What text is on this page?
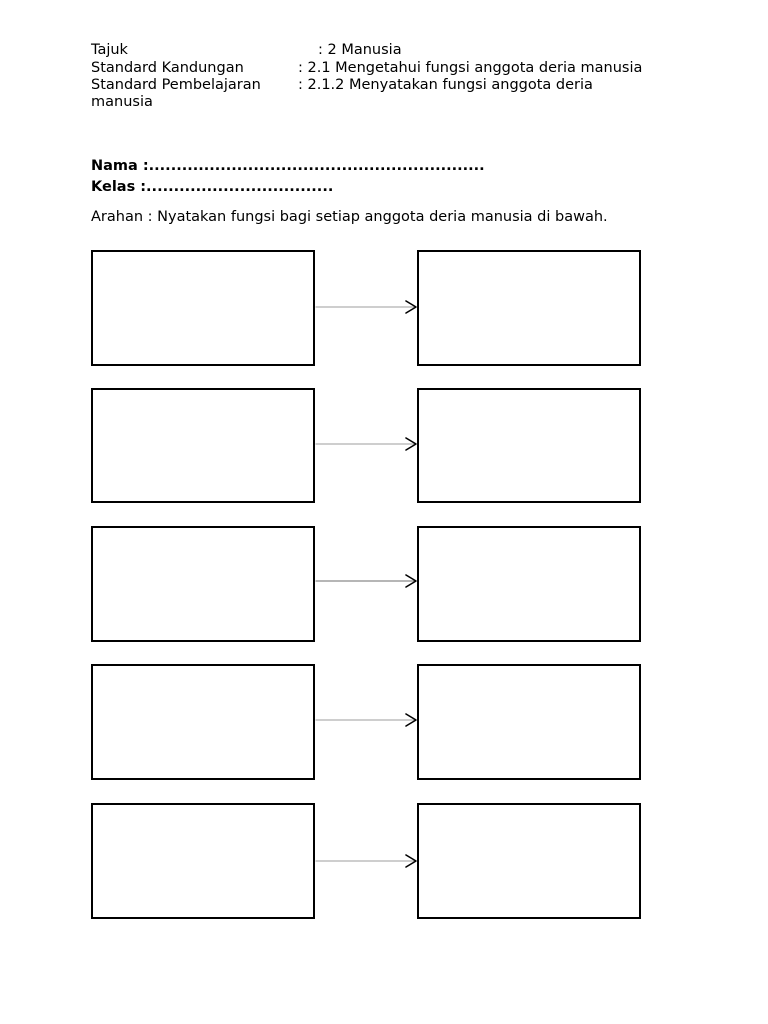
Tajuk	: 2 Manusia
Standard Kandungan	: 2.1 Mengetahui fungsi anggota deria manusia
Standard Pembelajaran	: 2.1.2 Menyatakan fungsi anggota deria
manusia
Nama :.............................................................
Kelas :..................................
Arahan : Nyatakan fungsi bagi setiap anggota deria manusia di bawah.
